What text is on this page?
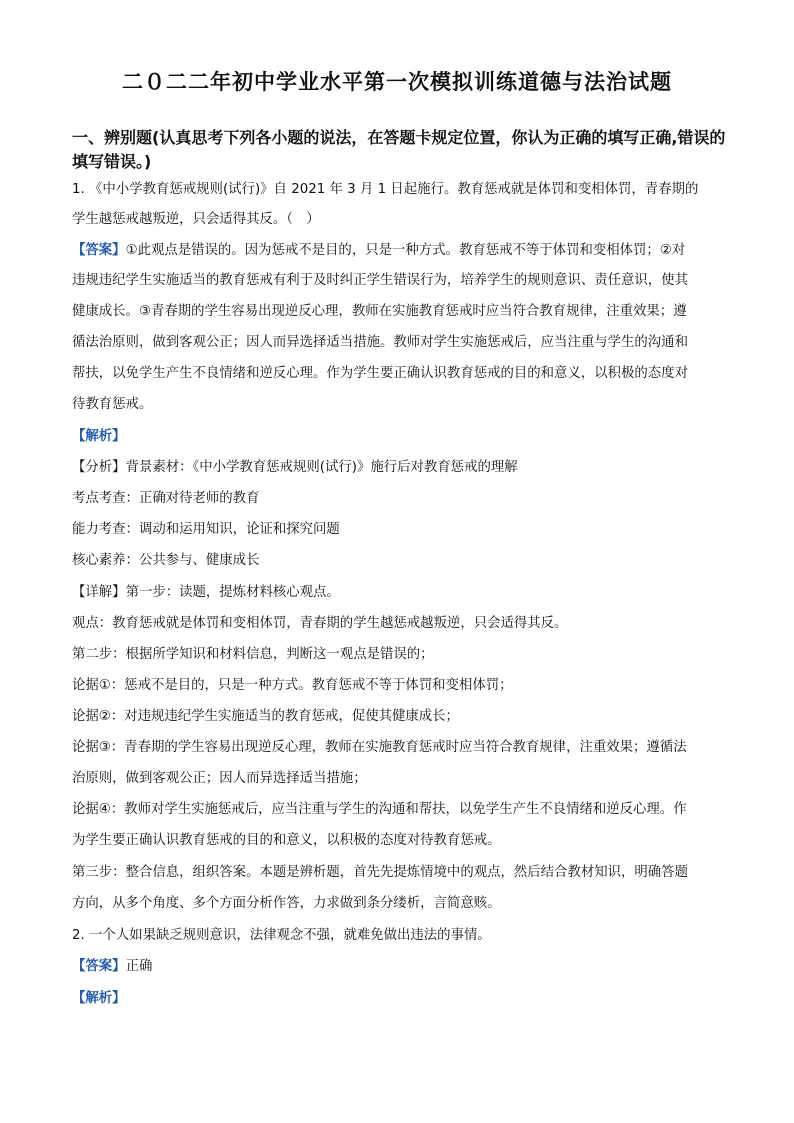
二０二二年初中学业水平第一次模拟训练道德与法治试题
一、辨别题(认真思考下列各小题的说法，在答题卡规定位置，你认为正确的填写正确,错误的填写错误。)
1. 《中小学教育惩戒规则(试行)》自 2021 年 3 月 1 日起施行。教育惩戒就是体罚和变相体罚，青春期的
学生越惩戒越叛逆，只会适得其反。（　）
【答案】①此观点是错误的。因为惩戒不是目的，只是一种方式。教育惩戒不等于体罚和变相体罚；②对
违规违纪学生实施适当的教育惩戒有利于及时纠正学生错误行为，培养学生的规则意识、责任意识，使其
健康成长。③青春期的学生容易出现逆反心理，教师在实施教育惩戒时应当符合教育规律，注重效果；遵
循法治原则，做到客观公正；因人而异选择适当措施。教师对学生实施惩戒后，应当注重与学生的沟通和
帮扶，以免学生产生不良情绪和逆反心理。作为学生要正确认识教育惩戒的目的和意义，以积极的态度对
待教育惩戒。
【解析】
【分析】背景素材：《中小学教育惩戒规则(试行)》施行后对教育惩戒的理解
考点考查：正确对待老师的教育
能力考查：调动和运用知识，论证和探究问题
核心素养：公共参与、健康成长
【详解】第一步：读题，提炼材料核心观点。
观点：教育惩戒就是体罚和变相体罚，青春期的学生越惩戒越叛逆，只会适得其反。
第二步：根据所学知识和材料信息，判断这一观点是错误的；
论据①：惩戒不是目的，只是一种方式。教育惩戒不等于体罚和变相体罚；
论据②：对违规违纪学生实施适当的教育惩戒，促使其健康成长；
论据③：青春期的学生容易出现逆反心理，教师在实施教育惩戒时应当符合教育规律，注重效果；遵循法
治原则，做到客观公正；因人而异选择适当措施；
论据④：教师对学生实施惩戒后，应当注重与学生的沟通和帮扶，以免学生产生不良情绪和逆反心理。作
为学生要正确认识教育惩戒的目的和意义，以积极的态度对待教育惩戒。
第三步：整合信息，组织答案。本题是辨析题，首先先提炼情境中的观点，然后结合教材知识，明确答题
方向，从多个角度、多个方面分析作答，力求做到条分缕析，言简意赅。
2. 一个人如果缺乏规则意识，法律观念不强，就难免做出违法的事情。
【答案】正确
【解析】
